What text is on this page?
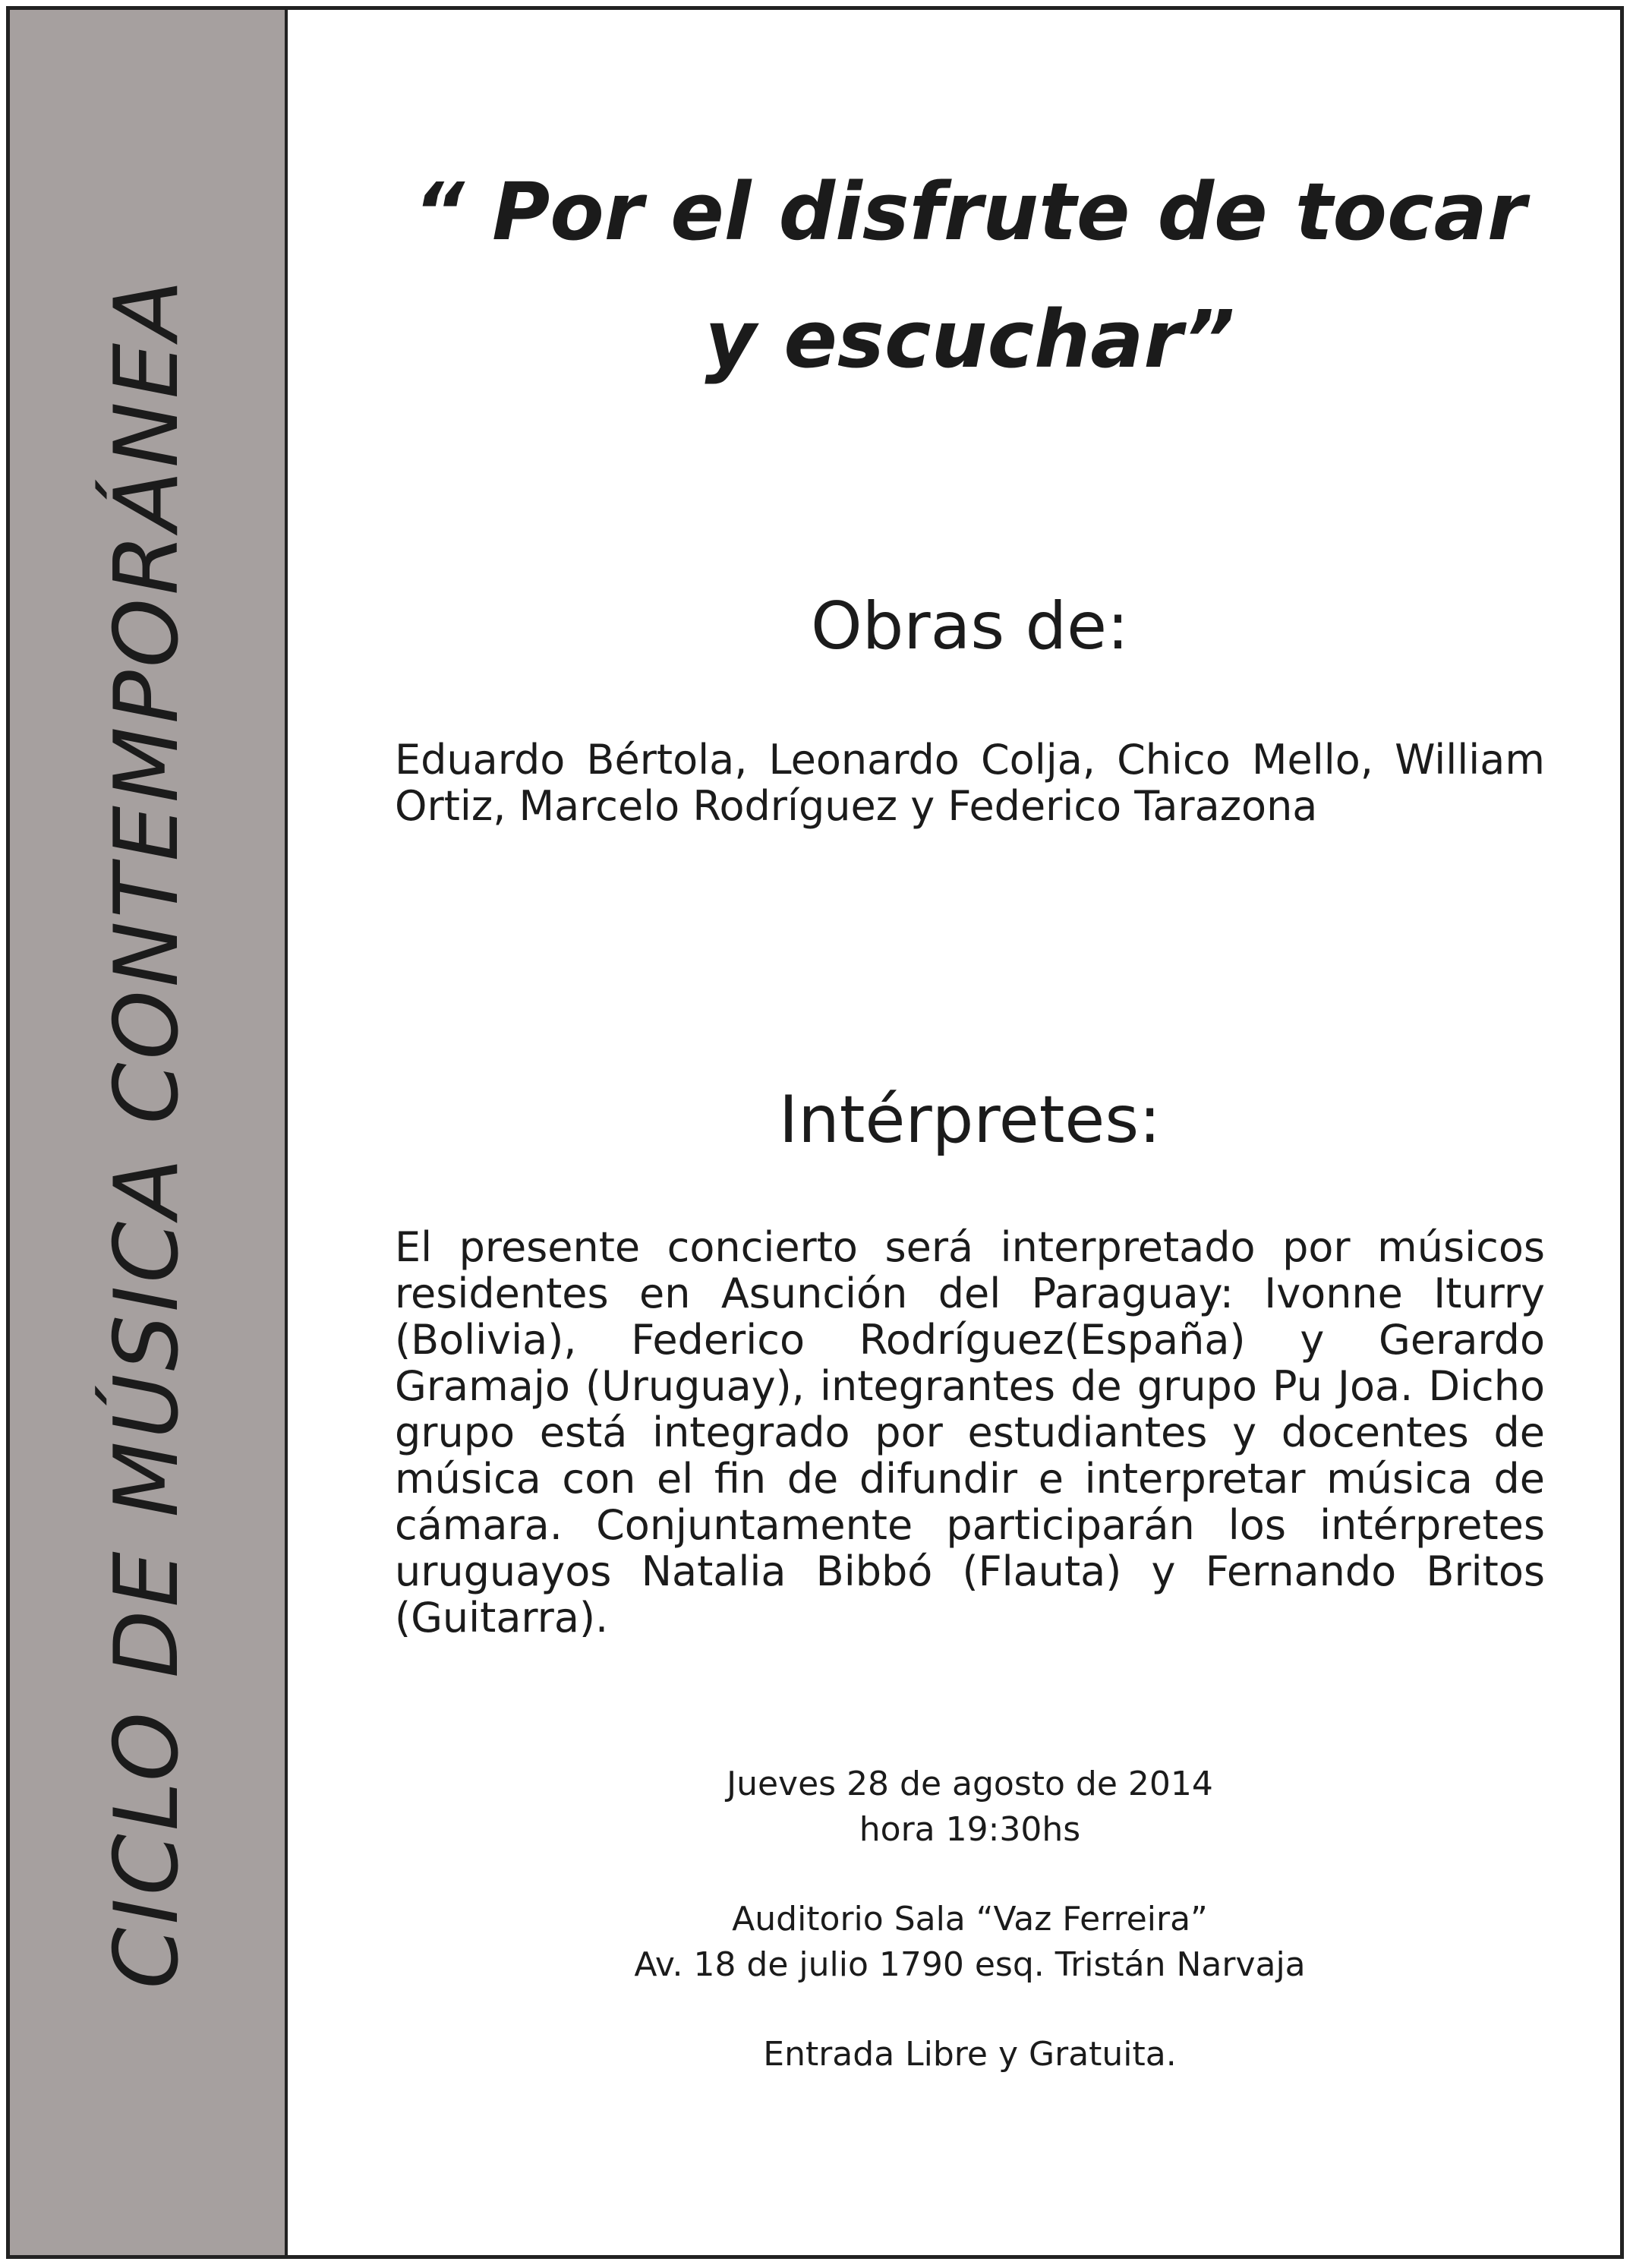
CICLO DE MÚSICA CONTEMPORÁNEA
“ Por el disfrute de tocar
y escuchar”
Obras de:

Eduardo Bértola, Leonardo Colja, Chico Mello, William Ortiz, Marcelo Rodríguez y Federico Tarazona

Intérpretes:

El presente concierto será interpretado por músicos residentes en Asunción del Paraguay: Ivonne Iturry (Bolivia), Federico Rodríguez(España) y Gerardo Gramajo (Uruguay), integrantes de grupo Pu Joa. Dicho grupo está integrado por estudiantes y docentes de música con el fin de difundir e interpretar música de cámara. Conjuntamente participarán los intérpretes uruguayos Natalia Bibbó (Flauta) y Fernando Britos (Guitarra).

Jueves 28 de agosto de 2014
hora 19:30hs
Auditorio Sala “Vaz Ferreira”
Av. 18 de julio 1790 esq. Tristán Narvaja
Entrada Libre y Gratuita.
